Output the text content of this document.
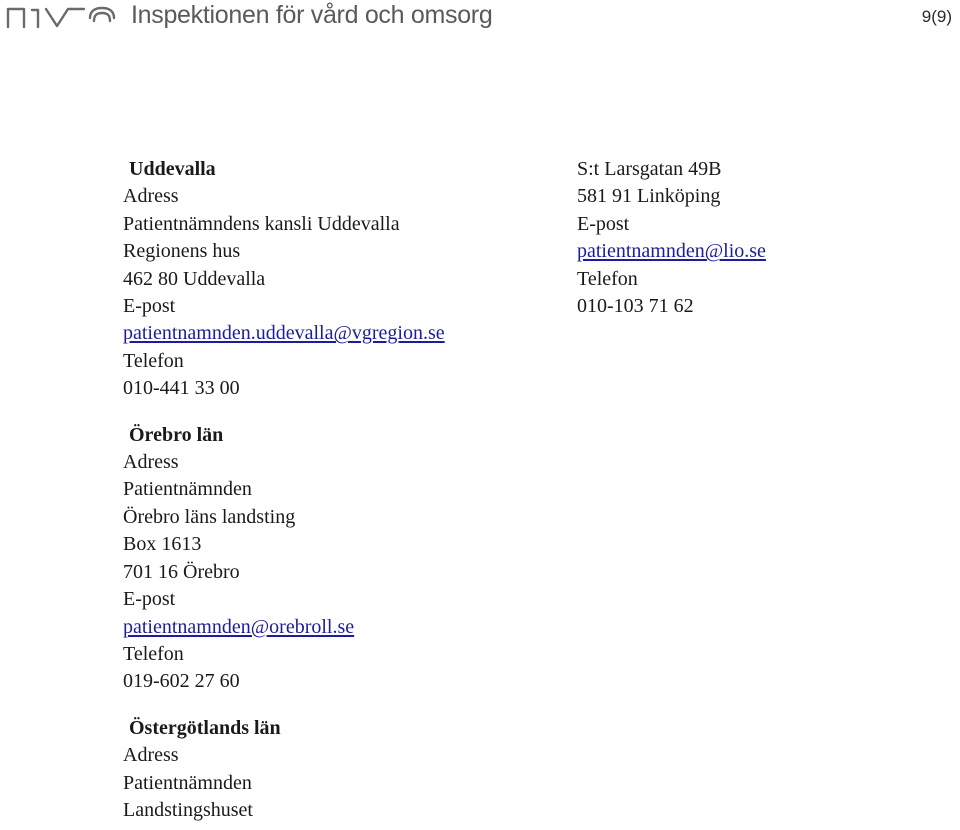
Inspektionen för vård och omsorg	9(9)
Uddevalla
Adress
Patientnämndens kansli Uddevalla
Regionens hus
462 80 Uddevalla
E-post
patientnamnden.uddevalla@vgregion.se
Telefon
010-441 33 00
Örebro län
Adress
Patientnämnden
Örebro läns landsting
Box 1613
701 16 Örebro
E-post
patientnamnden@orebroll.se
Telefon
019-602 27 60
Östergötlands län
Adress
Patientnämnden
Landstingshuset
S:t Larsgatan 49B
581 91 Linköping
E-post
patientnamnden@lio.se
Telefon
010-103 71 62
